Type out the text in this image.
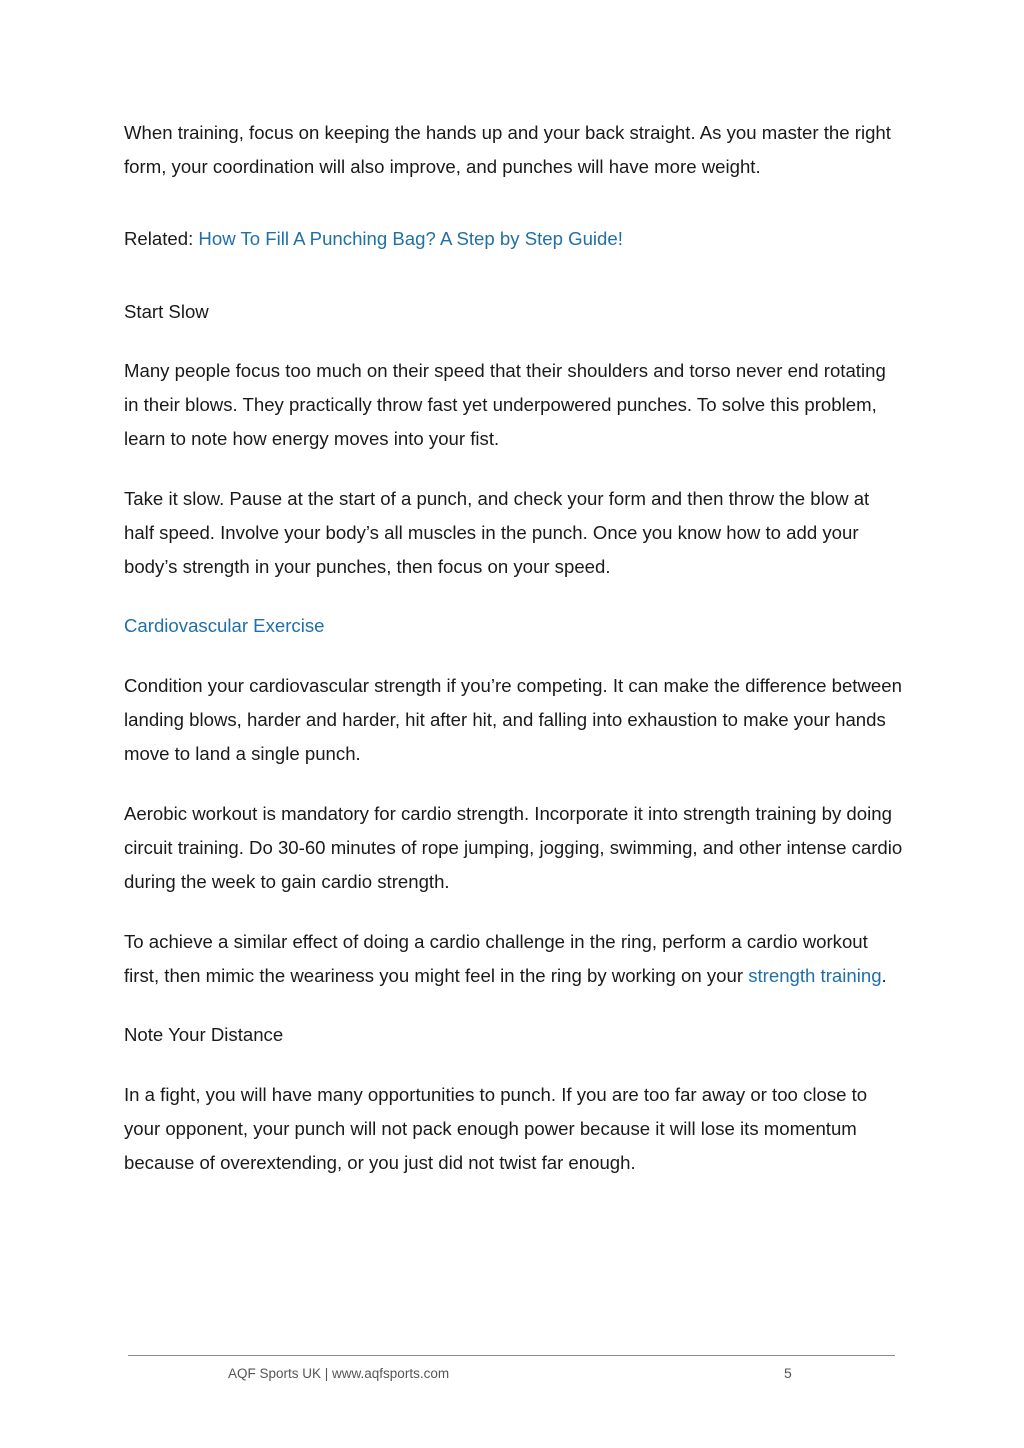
When training, focus on keeping the hands up and your back straight. As you master the right form, your coordination will also improve, and punches will have more weight.

Related: How To Fill A Punching Bag? A Step by Step Guide!

Start Slow

Many people focus too much on their speed that their shoulders and torso never end rotating in their blows. They practically throw fast yet underpowered punches. To solve this problem, learn to note how energy moves into your fist.

Take it slow. Pause at the start of a punch, and check your form and then throw the blow at half speed. Involve your body’s all muscles in the punch. Once you know how to add your body’s strength in your punches, then focus on your speed.

Cardiovascular Exercise

Condition your cardiovascular strength if you’re competing. It can make the difference between landing blows, harder and harder, hit after hit, and falling into exhaustion to make your hands move to land a single punch.

Aerobic workout is mandatory for cardio strength. Incorporate it into strength training by doing circuit training. Do 30-60 minutes of rope jumping, jogging, swimming, and other intense cardio during the week to gain cardio strength.

To achieve a similar effect of doing a cardio challenge in the ring, perform a cardio workout first, then mimic the weariness you might feel in the ring by working on your strength training.

Note Your Distance

In a fight, you will have many opportunities to punch. If you are too far away or too close to your opponent, your punch will not pack enough power because it will lose its momentum because of overextending, or you just did not twist far enough.

AQF Sports UK | www.aqfsports.com	5
